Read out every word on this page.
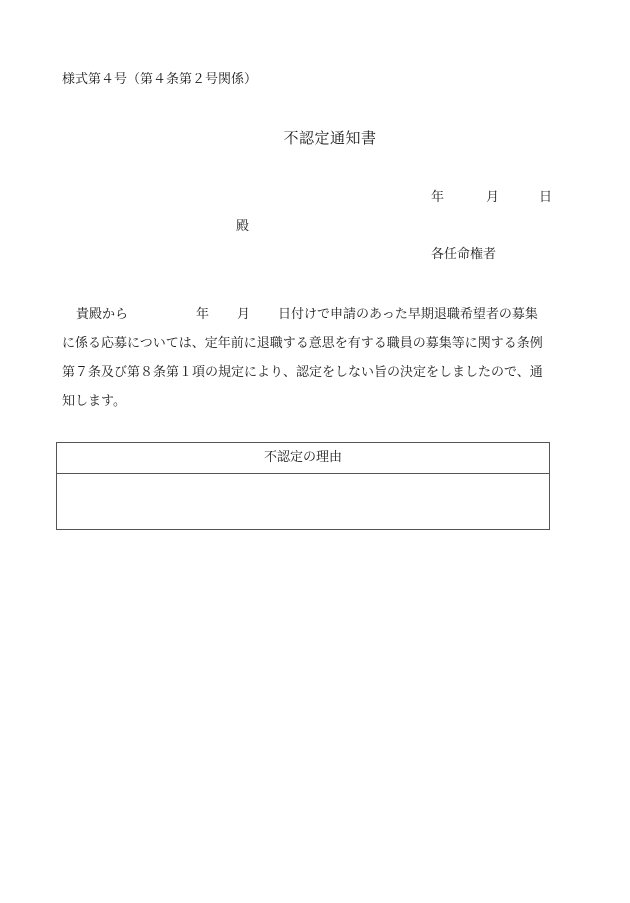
様式第４号（第４条第２号関係）
不認定通知書
年	月	日
殿
各任命権者
貴殿から	年 月 日付けで申請のあった早期退職希望者の募集
に係る応募については、定年前に退職する意思を有する職員の募集等に関する条例
第７条及び第８条第１項の規定により、認定をしない旨の決定をしましたので、通
知します。
不認定の理由
